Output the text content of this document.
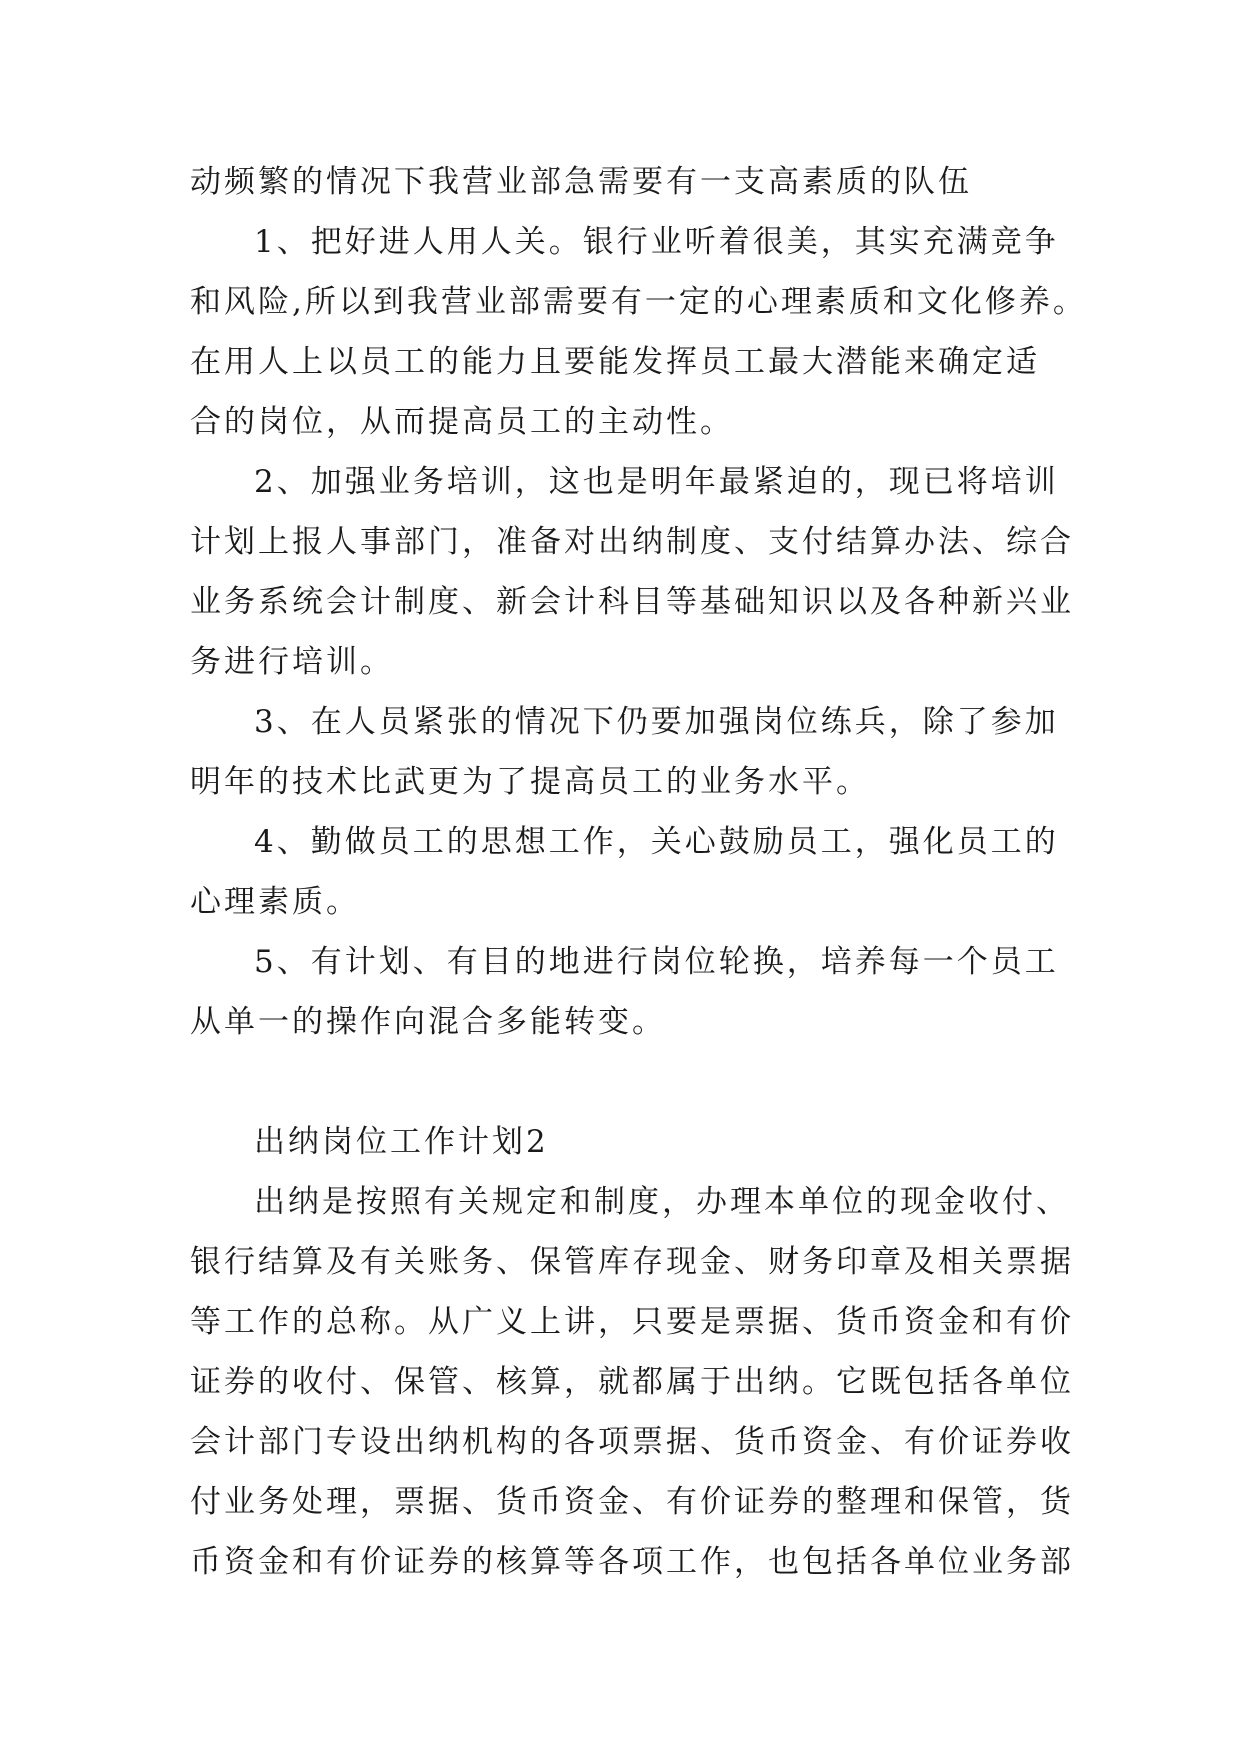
动频繁的情况下我营业部急需要有一支高素质的队伍
1、把好进人用人关。银行业听着很美，其实充满竞争
和风险,所以到我营业部需要有一定的心理素质和文化修养。
在用人上以员工的能力且要能发挥员工最大潜能来确定适
合的岗位，从而提高员工的主动性。
2、加强业务培训，这也是明年最紧迫的，现已将培训
计划上报人事部门，准备对出纳制度、支付结算办法、综合
业务系统会计制度、新会计科目等基础知识以及各种新兴业
务进行培训。
3、在人员紧张的情况下仍要加强岗位练兵，除了参加
明年的技术比武更为了提高员工的业务水平。
4、勤做员工的思想工作，关心鼓励员工，强化员工的
心理素质。
5、有计划、有目的地进行岗位轮换，培养每一个员工
从单一的操作向混合多能转变。
出纳岗位工作计划2
出纳是按照有关规定和制度，办理本单位的现金收付、
银行结算及有关账务、保管库存现金、财务印章及相关票据
等工作的总称。从广义上讲，只要是票据、货币资金和有价
证券的收付、保管、核算，就都属于出纳。它既包括各单位
会计部门专设出纳机构的各项票据、货币资金、有价证券收
付业务处理，票据、货币资金、有价证券的整理和保管，货
币资金和有价证券的核算等各项工作，也包括各单位业务部
